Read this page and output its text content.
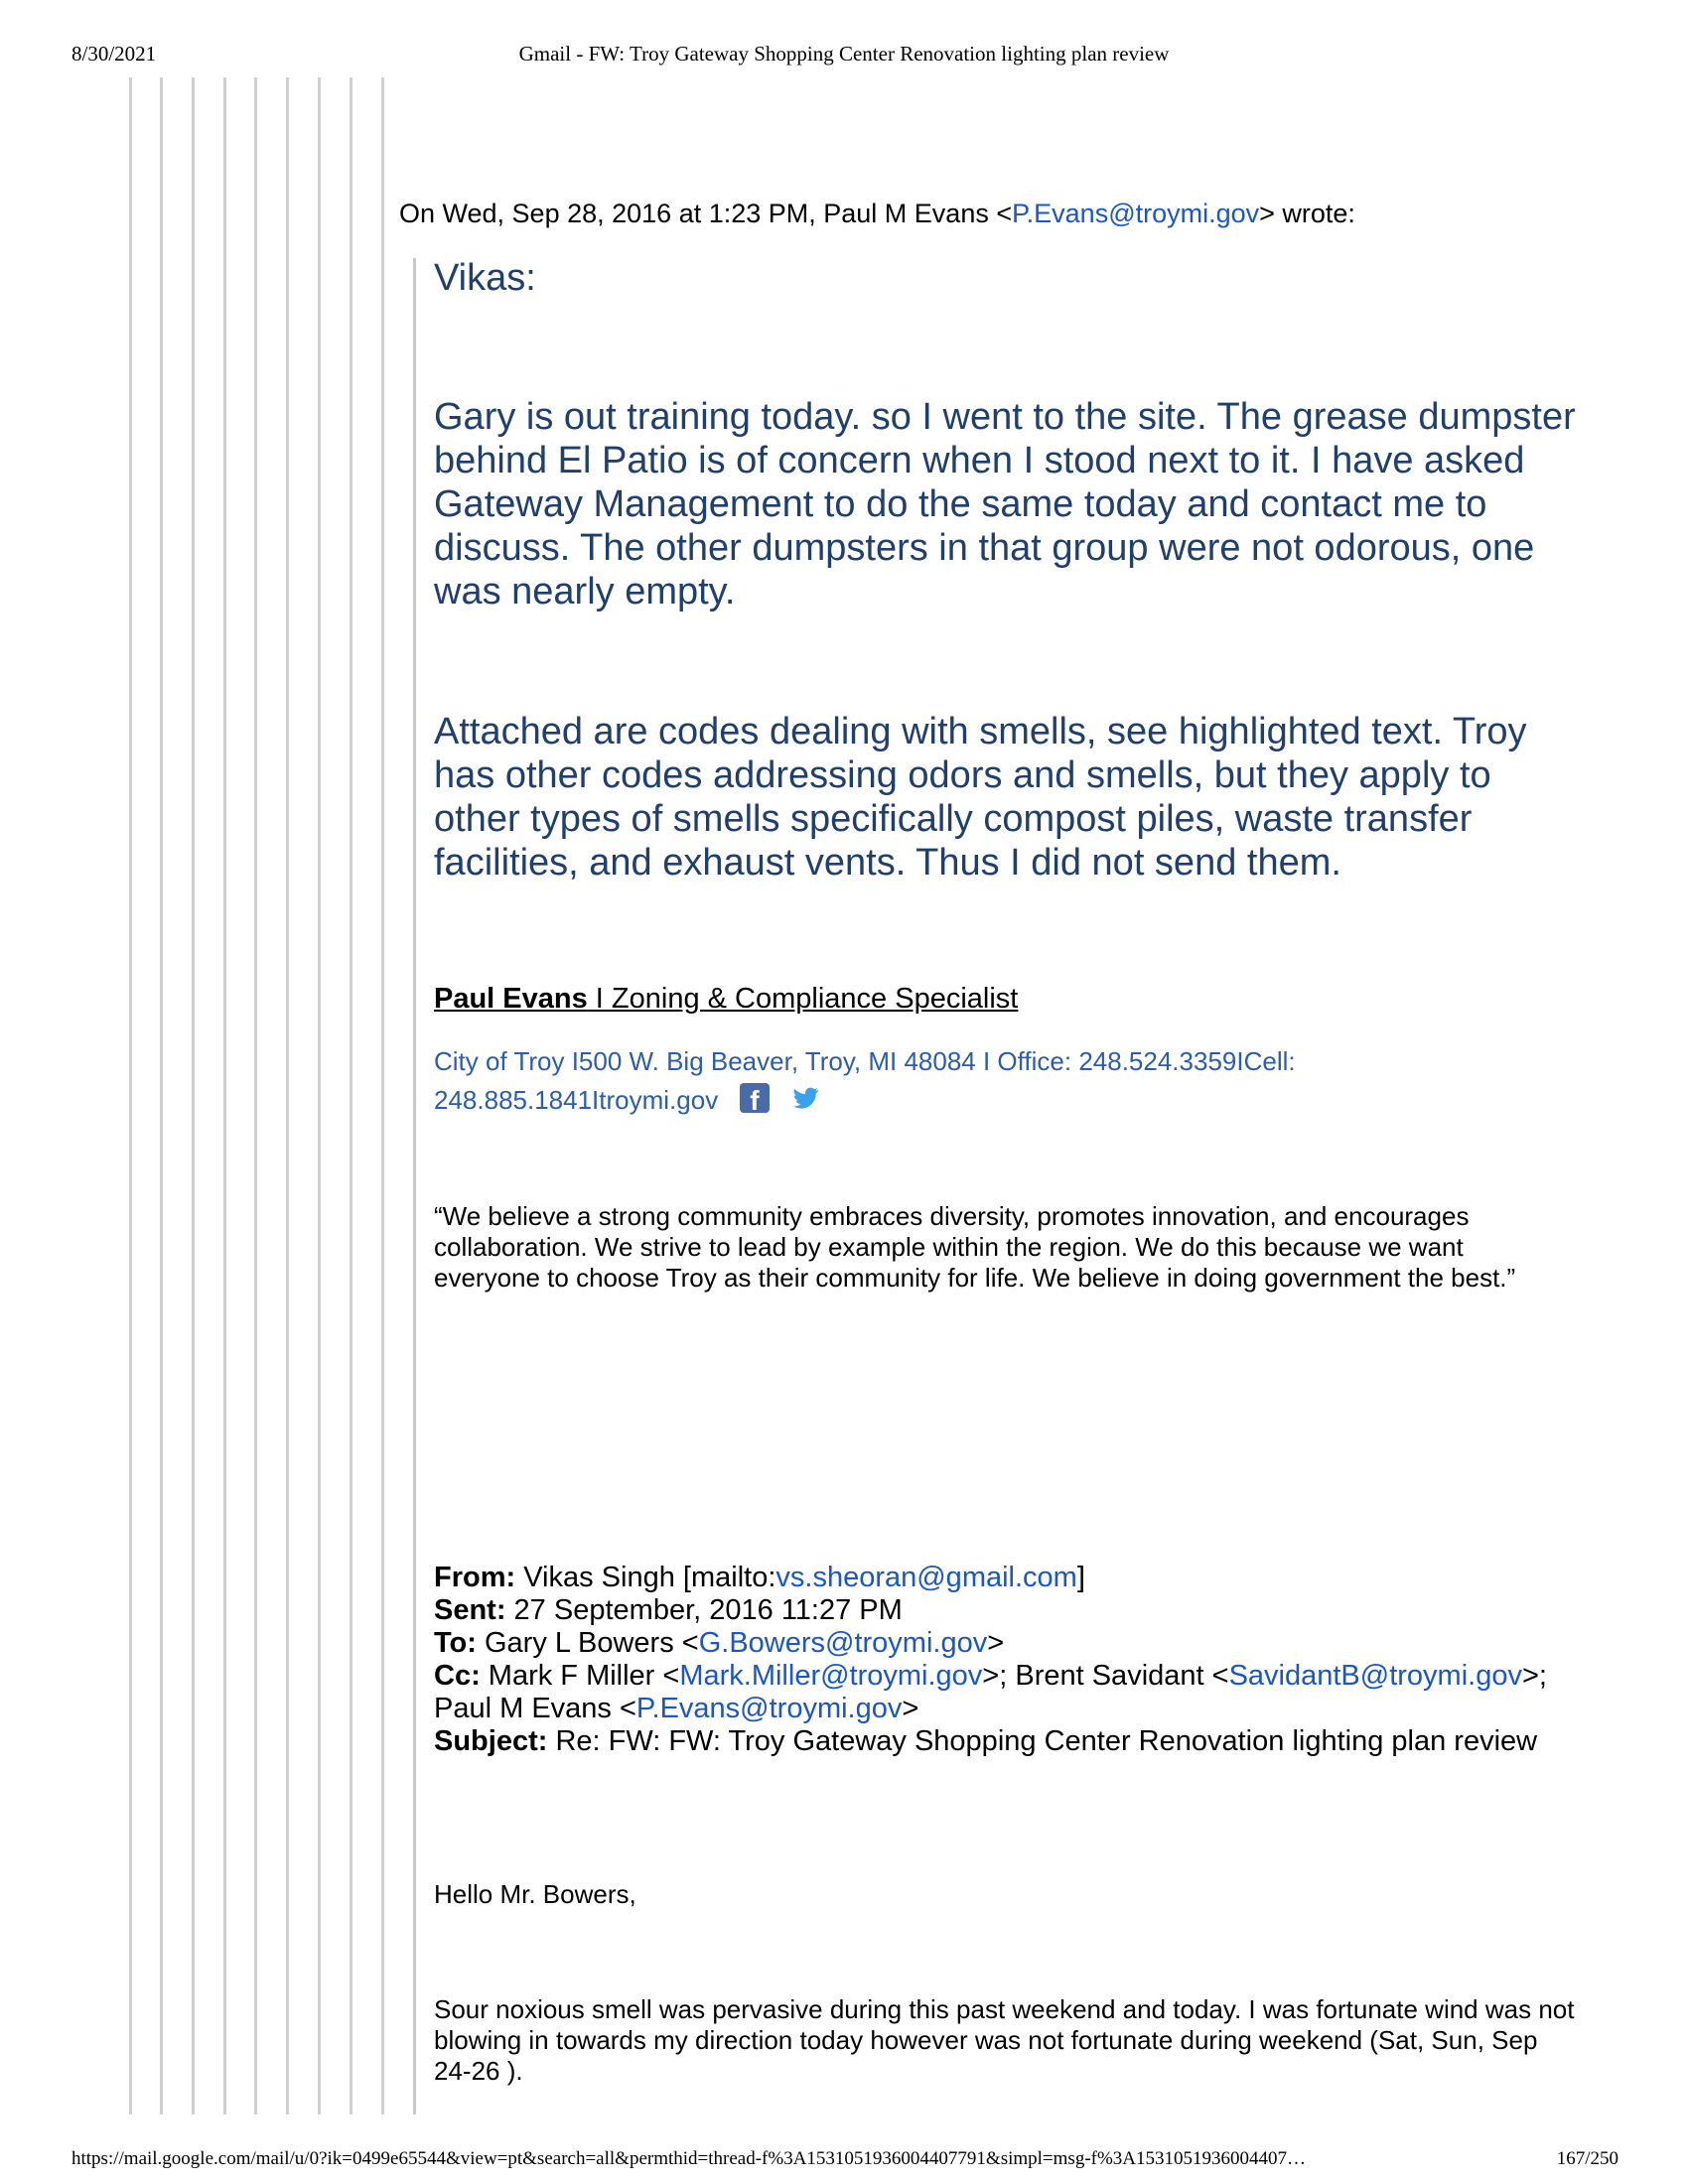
8/30/2021	Gmail - FW: Troy Gateway Shopping Center Renovation lighting plan review
On Wed, Sep 28, 2016 at 1:23 PM, Paul M Evans <P.Evans@troymi.gov> wrote:
Vikas:
Gary is out training today. so I went to the site. The grease dumpster behind El Patio is of concern when I stood next to it. I have asked Gateway Management to do the same today and contact me to discuss. The other dumpsters in that group were not odorous, one was nearly empty.
Attached are codes dealing with smells, see highlighted text. Troy has other codes addressing odors and smells, but they apply to other types of smells specifically compost piles, waste transfer facilities, and exhaust vents. Thus I did not send them.
Paul Evans I Zoning & Compliance Specialist
City of Troy I500 W. Big Beaver, Troy, MI 48084 I Office: 248.524.3359ICell: 248.885.1841Itroymi.govf
“We believe a strong community embraces diversity, promotes innovation, and encourages collaboration. We strive to lead by example within the region. We do this because we want everyone to choose Troy as their community for life. We believe in doing government the best.”
From: Vikas Singh [mailto:vs.sheoran@gmail.com]
Sent: 27 September, 2016 11:27 PM
To: Gary L Bowers <G.Bowers@troymi.gov>
Cc: Mark F Miller <Mark.Miller@troymi.gov>; Brent Savidant <SavidantB@troymi.gov>; Paul M Evans <P.Evans@troymi.gov>
Subject: Re: FW: FW: Troy Gateway Shopping Center Renovation lighting plan review
Hello Mr. Bowers,
Sour noxious smell was pervasive during this past weekend and today. I was fortunate wind was not blowing in towards my direction today however was not fortunate during weekend (Sat, Sun, Sep 24-26 ).
https://mail.google.com/mail/u/0?ik=0499e65544&view=pt&search=all&permthid=thread-f%3A1531051936004407791&simpl=msg-f%3A1531051936004407…	167/250
